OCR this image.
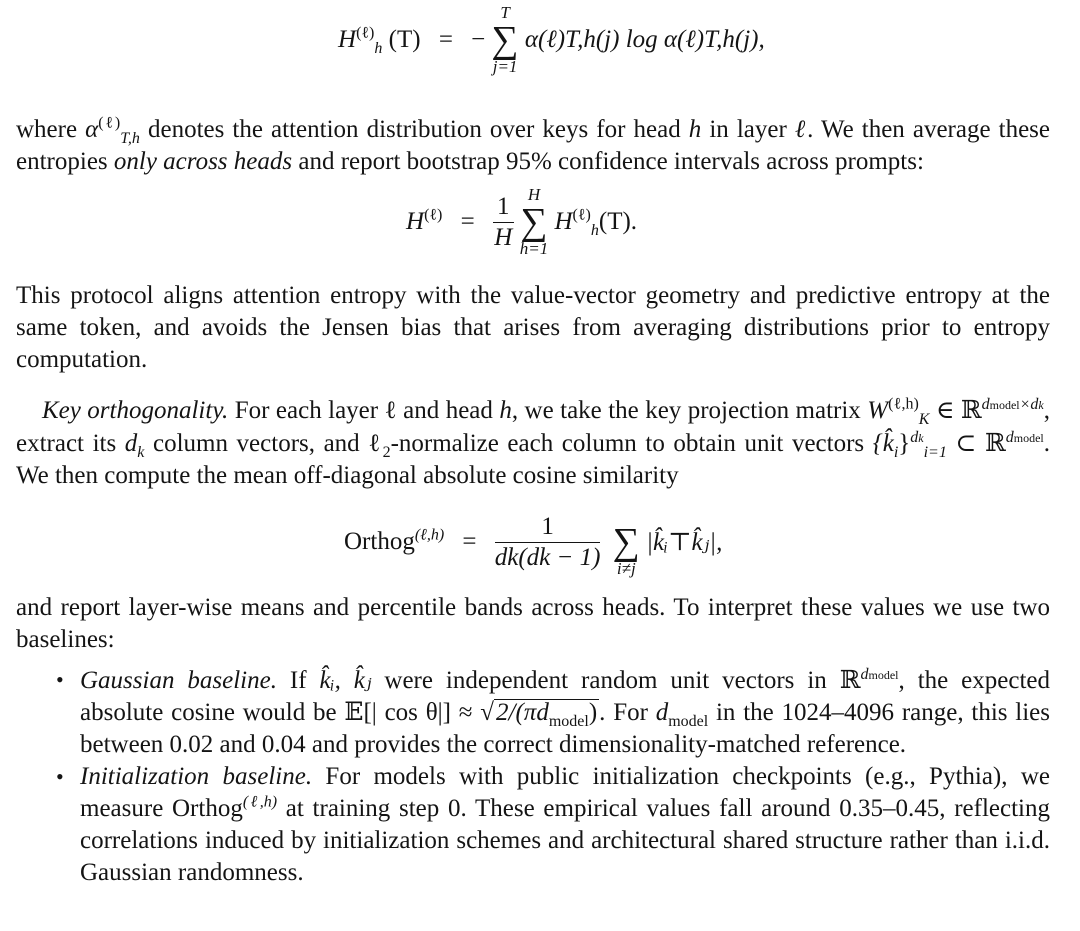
$H^{(\ell)}_h$ (T) = −
T
∑
j=1
α(ℓ)T,h(j) log α(ℓ)T,h(j),

where $\alpha^{(\ell)}_{T,h}$ denotes the attention distribution over keys for head h in layer ℓ. We then average these entropies only across heads and report bootstrap 95% confidence intervals across prompts:

$H^{(\ell)} = \frac{1}{H}$
H
∑
h=1
$H^{(\ell)}_h(T)$.

This protocol aligns attention entropy with the value-vector geometry and predictive entropy at the same token, and avoids the Jensen bias that arises from averaging distributions prior to entropy computation.

Key orthogonality. For each layer ℓ and head h, we take the key projection matrix $W^{(\ell,h)}_K$ ∈ ℝ$^{dmodel\times dk}$, extract its $d_k$ column vectors, and ℓ$_2$-normalize each column to obtain unit vectors $\{k̂_i\}^{dk}_{i=1}$ ⊂ ℝ$^{dmodel}$. We then compute the mean off-diagonal absolute cosine similarity

Orthog$^{(\ell,h)}$ = $\frac{1}{dk(dk - 1)}$
∑
i≠j
|k̂ᵢ⊤k̂ⱼ|,

and report layer-wise means and percentile bands across heads. To interpret these values we use two baselines:

• Gaussian baseline. If k̂ᵢ, k̂ⱼ were independent random unit vectors in ℝ$^{dmodel}$, the expected absolute cosine would be 𝔼[| $\cos \theta|] \approx √2/(\pi d_{model})$. For $d_{model}$ in the 1024–4096 range, this lies between 0.02 and 0.04 and provides the correct dimensionality-matched reference.
• Initialization baseline. For models with public initialization checkpoints (e.g., Pythia), we measure Orthog$^{(\ell,h)}$ at training step 0. These empirical values fall around 0.35–0.45, reflecting correlations induced by initialization schemes and architectural shared structure rather than i.i.d. Gaussian randomness.
